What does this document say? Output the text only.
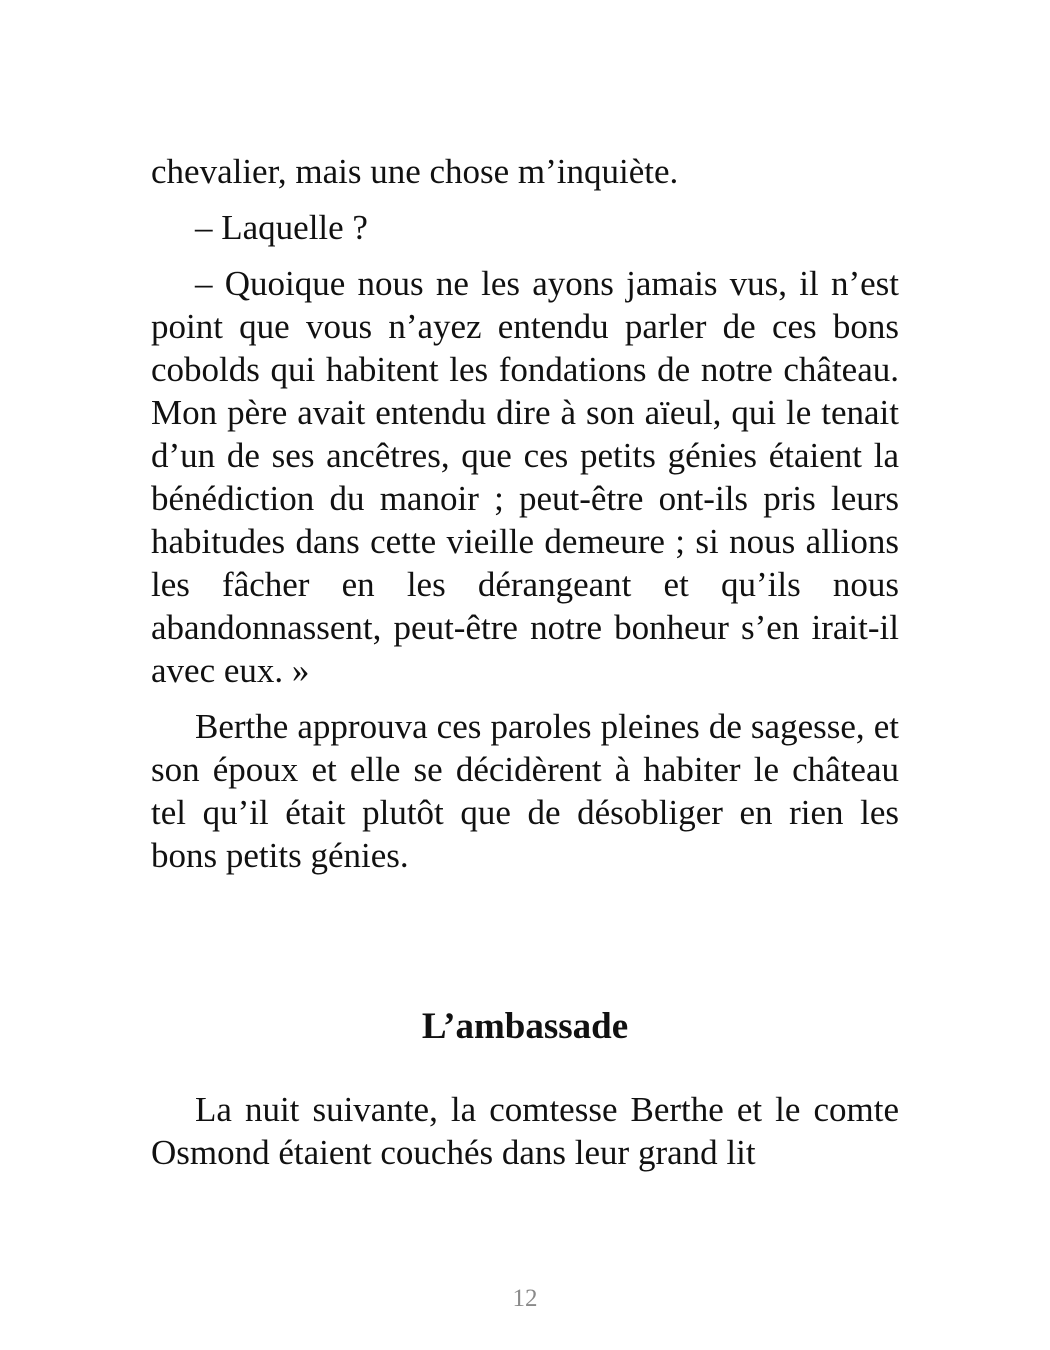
chevalier, mais une chose m’inquiète.

– Laquelle ?

– Quoique nous ne les ayons jamais vus, il n’est point que vous n’ayez entendu parler de ces bons cobolds qui habitent les fondations de notre château. Mon père avait entendu dire à son aïeul, qui le tenait d’un de ses ancêtres, que ces petits génies étaient la bénédiction du manoir ; peut-être ont-ils pris leurs habitudes dans cette vieille demeure ; si nous allions les fâcher en les dérangeant et qu’ils nous abandonnassent, peut-être notre bonheur s’en irait-il avec eux. »

Berthe approuva ces paroles pleines de sagesse, et son époux et elle se décidèrent à habiter le château tel qu’il était plutôt que de désobliger en rien les bons petits génies.

L’ambassade

La nuit suivante, la comtesse Berthe et le comte Osmond étaient couchés dans leur grand lit

12
